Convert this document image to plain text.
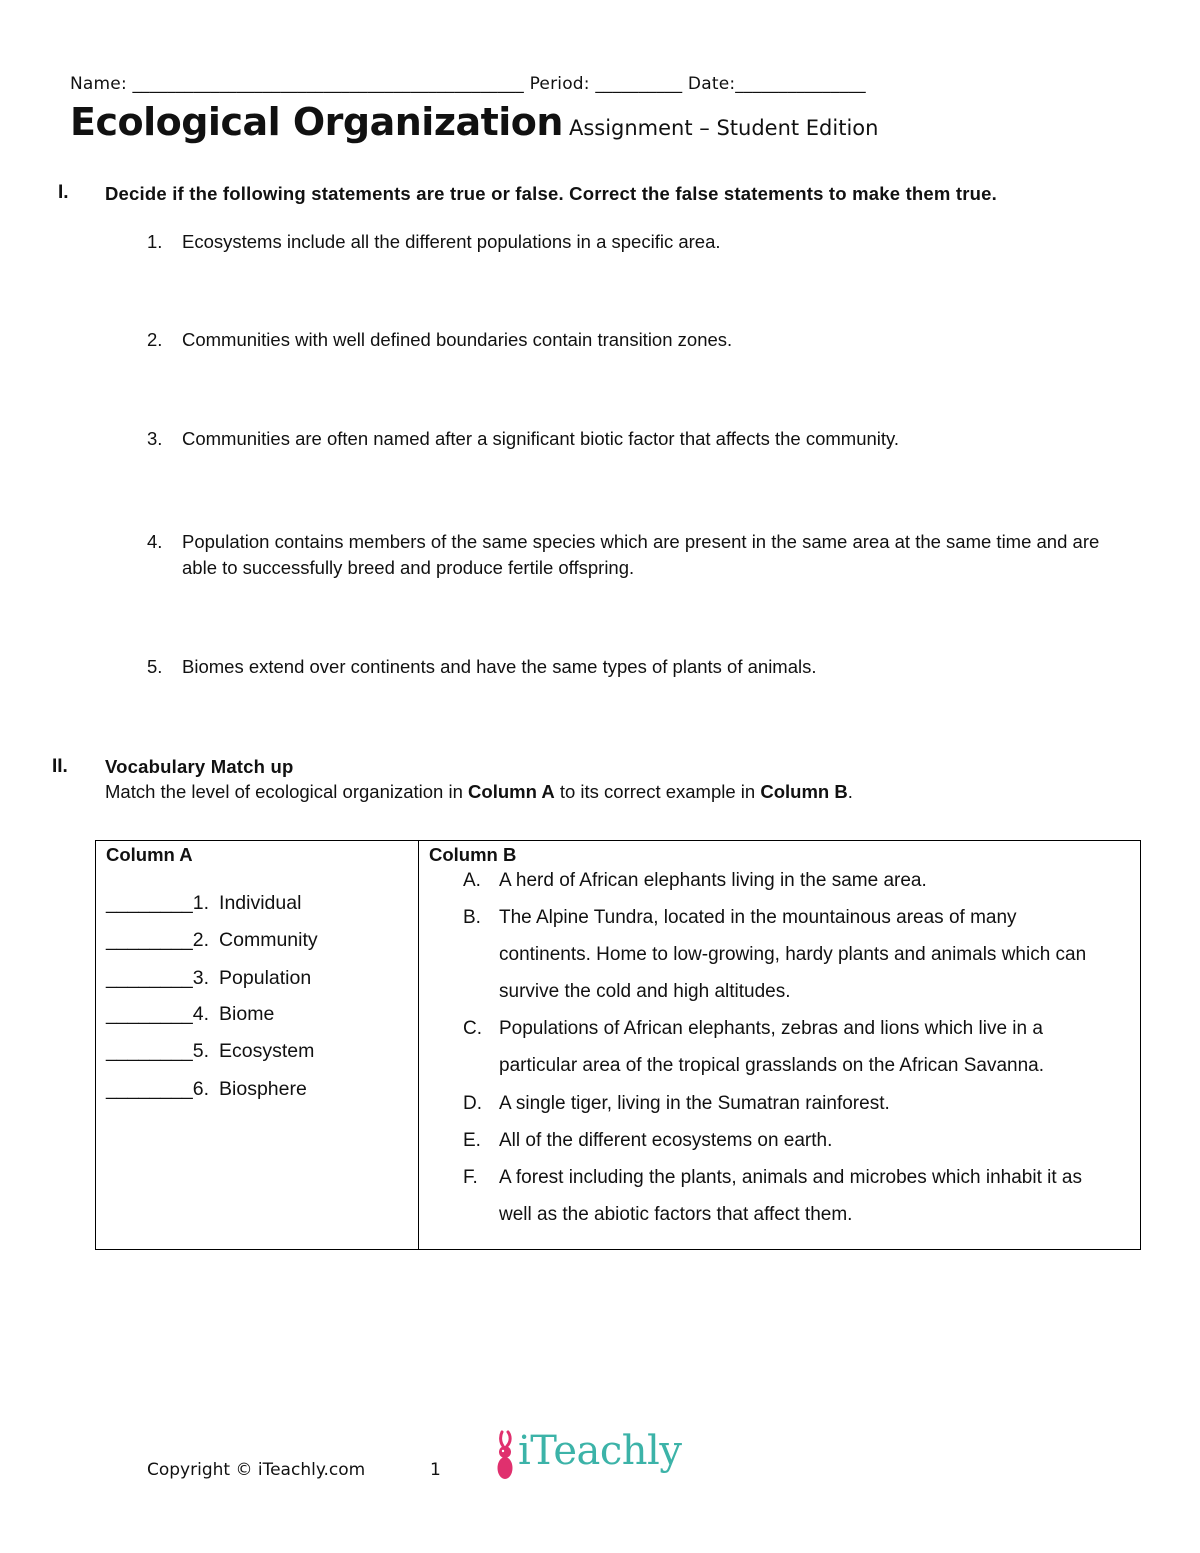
Name: _____________________________________________ Period: __________ Date:_______________
Ecological Organization Assignment – Student Edition
I. Decide if the following statements are true or false. Correct the false statements to make them true.
1. Ecosystems include all the different populations in a specific area.
2. Communities with well defined boundaries contain transition zones.
3. Communities are often named after a significant biotic factor that affects the community.
4. Population contains members of the same species which are present in the same area at the same time and are able to successfully breed and produce fertile offspring.
5. Biomes extend over continents and have the same types of plants of animals.
II. Vocabulary Match up
Match the level of ecological organization in Column A to its correct example in Column B.
Column A
________1. Individual
________2. Community
________3. Population
________4. Biome
________5. Ecosystem
________6. Biosphere

Column B
A. A herd of African elephants living in the same area.
B. The Alpine Tundra, located in the mountainous areas of many continents. Home to low-growing, hardy plants and animals which can survive the cold and high altitudes.
C. Populations of African elephants, zebras and lions which live in a particular area of the tropical grasslands on the African Savanna.
D. A single tiger, living in the Sumatran rainforest.
E. All of the different ecosystems on earth.
F.	A forest including the plants, animals and microbes which inhabit it as well as the abiotic factors that affect them.
Copyright © iTeachly.com	1 iTeachly
